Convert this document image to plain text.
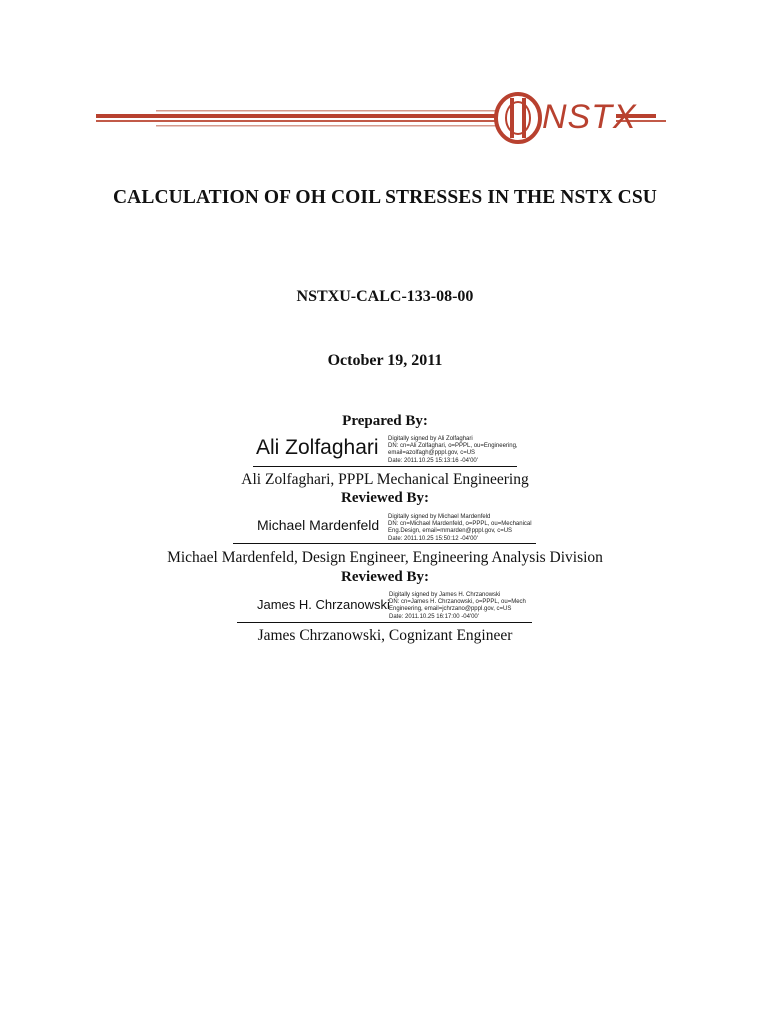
NSTX
CALCULATION OF OH COIL STRESSES IN THE NSTX CSU
NSTXU-CALC-133-08-00
October 19, 2011
Prepared By:
Ali Zolfaghari Digitally signed by Ali Zolfaghari
DN: cn=Ali Zolfaghari, o=PPPL, ou=Engineering,
email=azolfagh@pppl.gov, c=US
Date: 2011.10.25 15:13:16 -04'00'
Ali Zolfaghari, PPPL Mechanical Engineering
Reviewed By:
Michael Mardenfeld Digitally signed by Michael Mardenfeld
DN: cn=Michael Mardenfeld, o=PPPL, ou=Mechanical
Eng.Design, email=mmarden@pppl.gov, c=US
Date: 2011.10.25 15:50:12 -04'00'
Michael Mardenfeld, Design Engineer, Engineering Analysis Division
Reviewed By:
James H. Chrzanowski
Digitally signed by James H. Chrzanowski
DN: cn=James H. Chrzanowski, o=PPPL, ou=Mech
Engineering, email=jchrzano@pppl.gov, c=US
Date: 2011.10.25 16:17:00 -04'00'
James Chrzanowski, Cognizant Engineer
